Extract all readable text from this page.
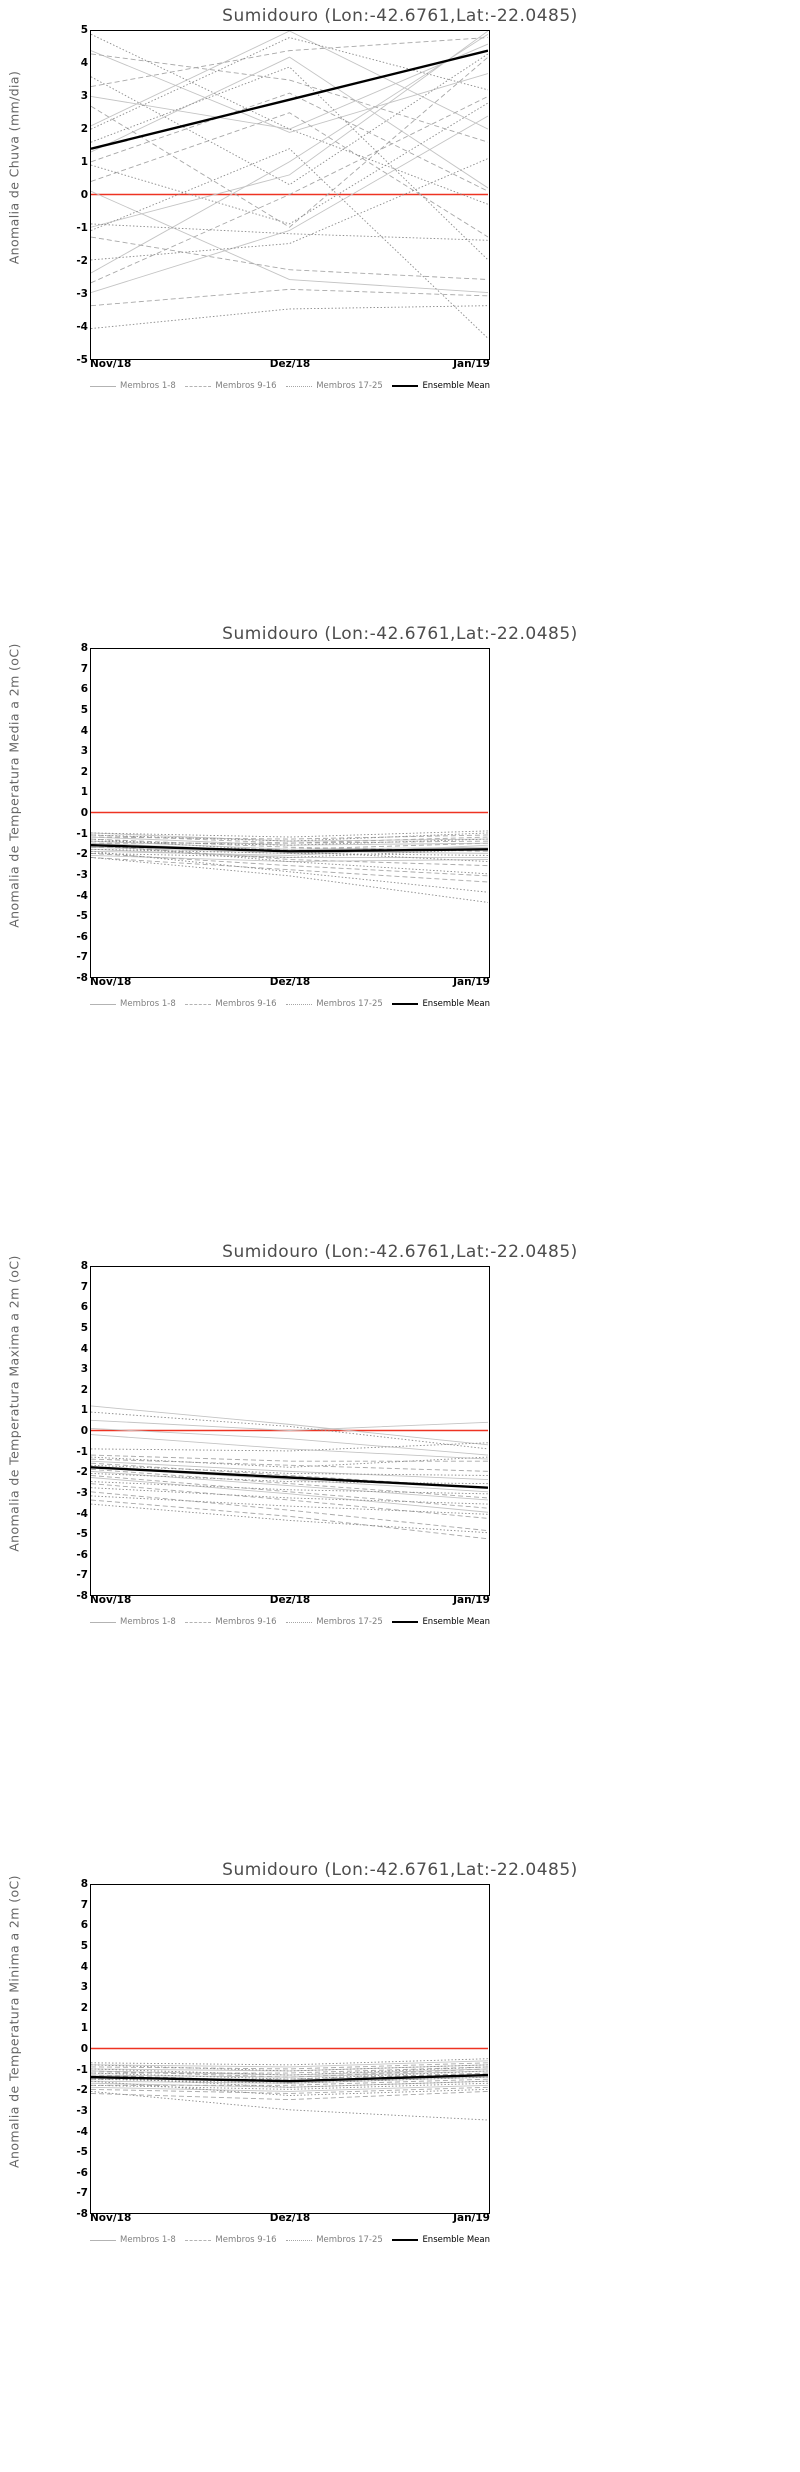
Sumidouro (Lon:-42.6761,Lat:-22.0485)
Anomalia de Chuva (mm/dia)
-5
-4
-3
-2
-1
0
1
2
3
4
5
Nov/18	Dez/18	Jan/19
Membros 1-8	Membros 9-16	Membros 17-25	Ensemble Mean
Sumidouro (Lon:-42.6761,Lat:-22.0485)
Anomalia de Temperatura Media a 2m (oC)
-8
-7
-6
-5
-4
-3
-2
-1
0
1
2
3
4
5
6
7
8
Nov/18	Dez/18	Jan/19
Membros 1-8	Membros 9-16	Membros 17-25	Ensemble Mean
Sumidouro (Lon:-42.6761,Lat:-22.0485)
Anomalia de Temperatura Maxima a 2m (oC)
-8
-7
-6
-5
-4
-3
-2
-1
0
1
2
3
4
5
6
7
8
Nov/18	Dez/18	Jan/19
Membros 1-8	Membros 9-16	Membros 17-25	Ensemble Mean
Sumidouro (Lon:-42.6761,Lat:-22.0485)
Anomalia de Temperatura Minima a 2m (oC)
-8
-7
-6
-5
-4
-3
-2
-1
0
1
2
3
4
5
6
7
8
Nov/18	Dez/18	Jan/19
Membros 1-8	Membros 9-16	Membros 17-25	Ensemble Mean
